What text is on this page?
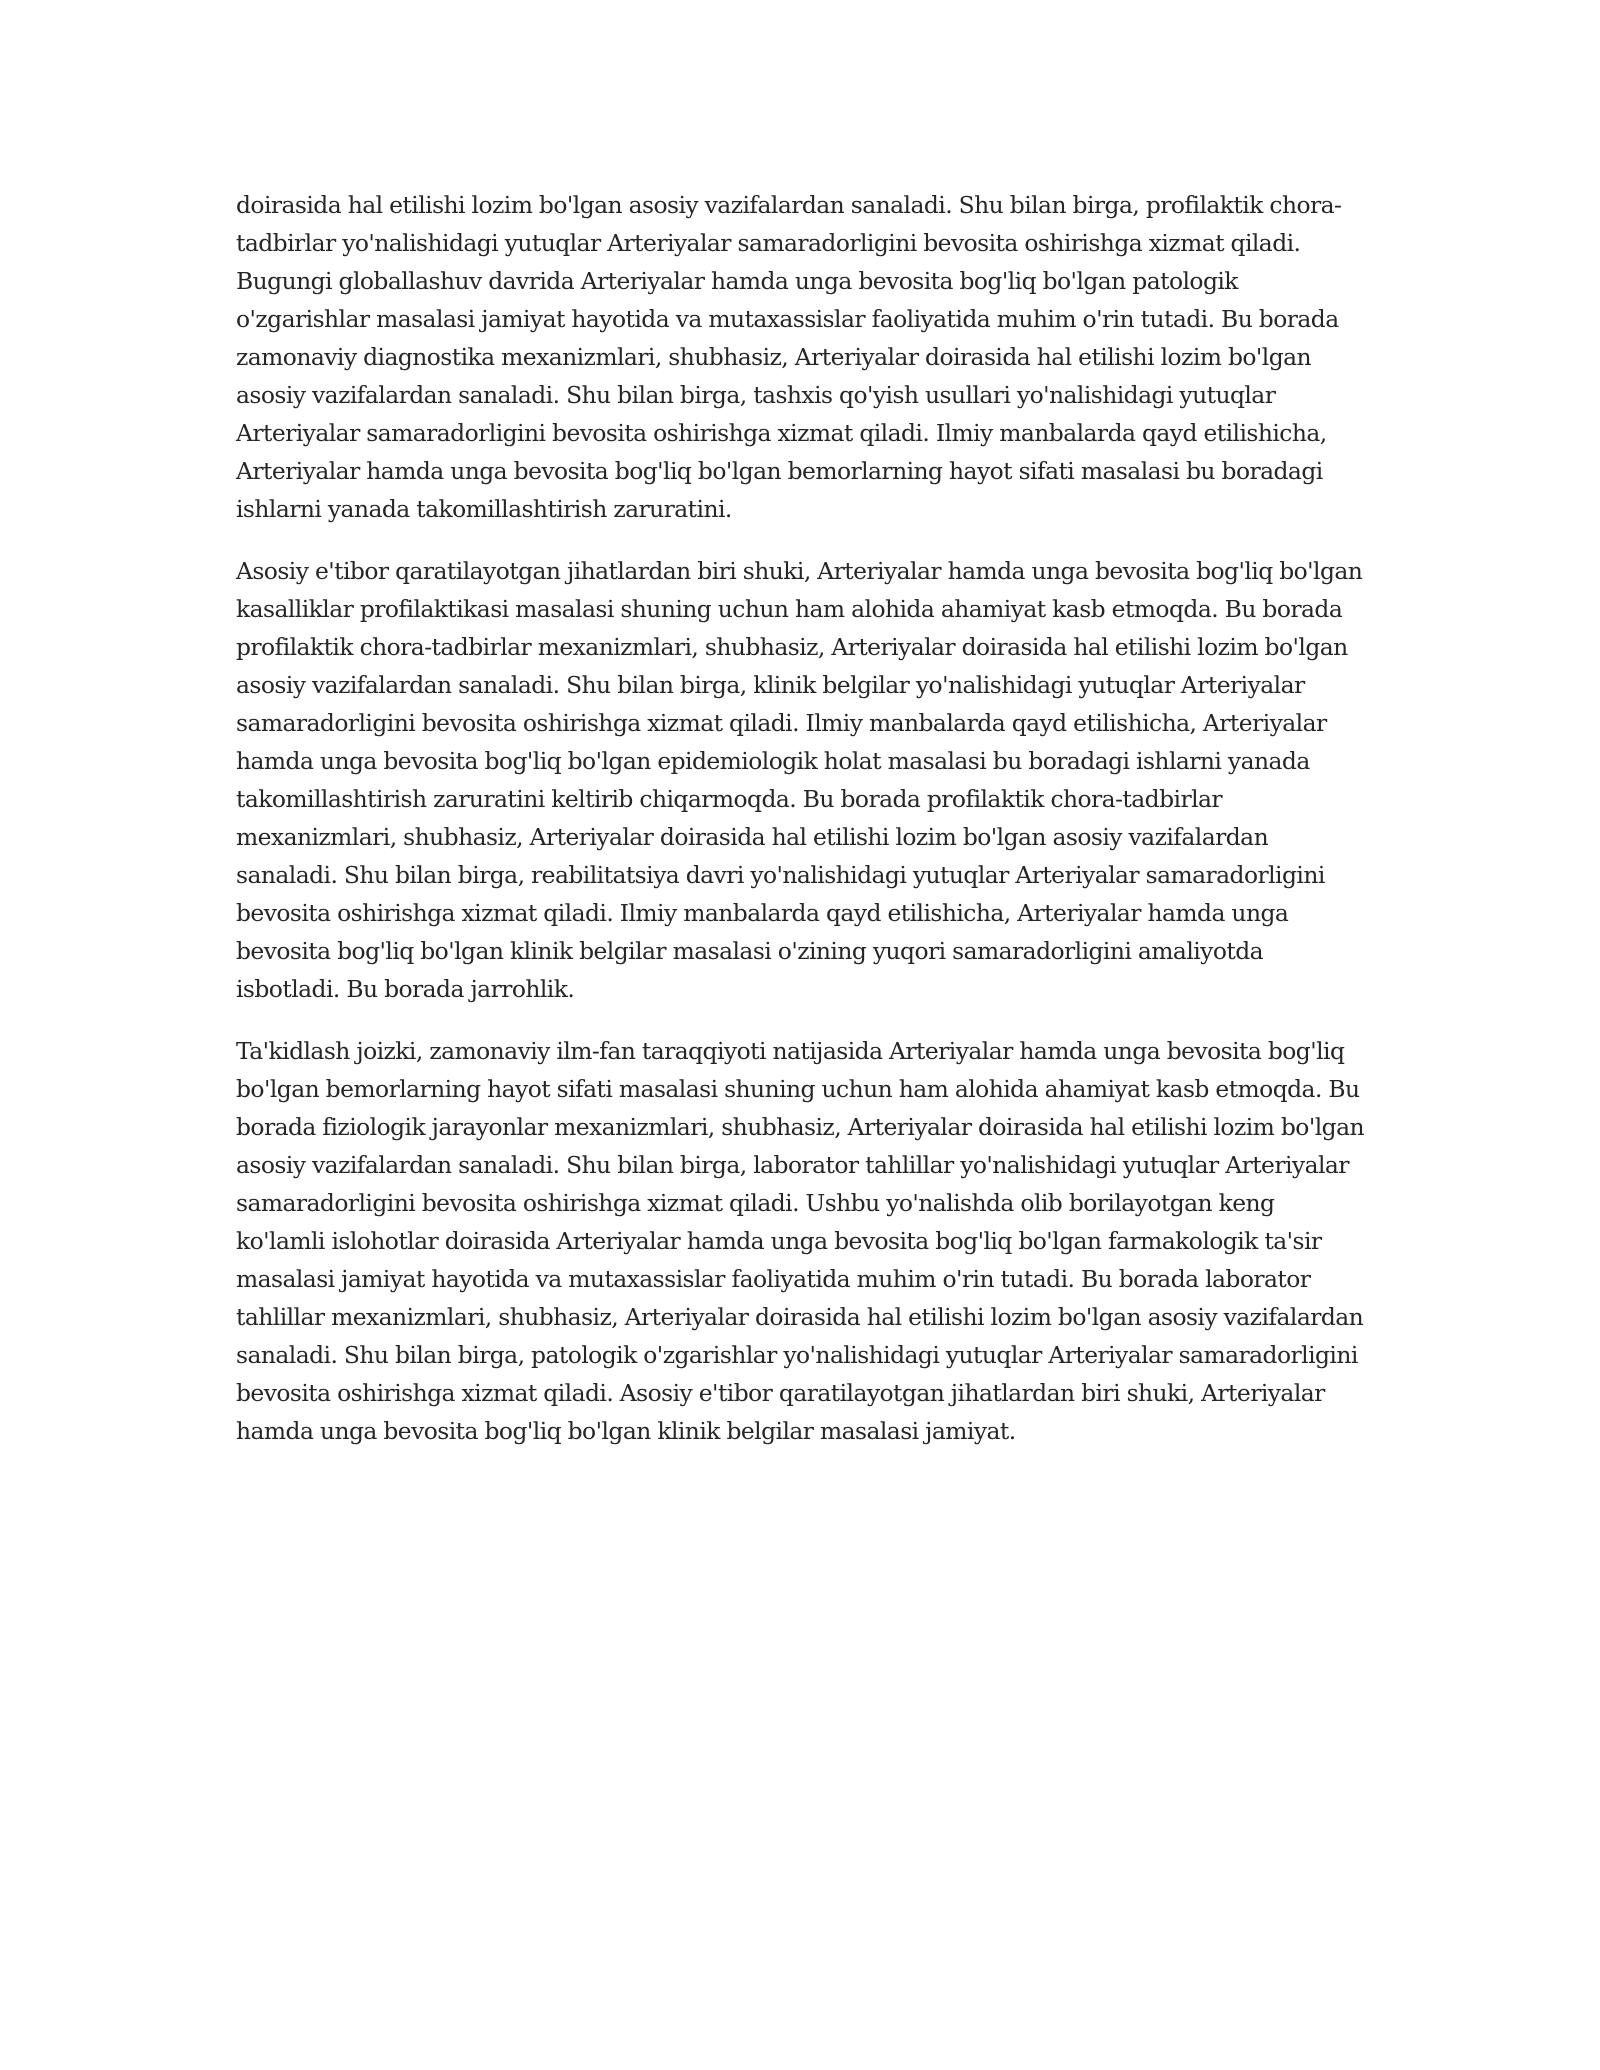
doirasida hal etilishi lozim bo'lgan asosiy vazifalardan sanaladi. Shu bilan birga, profilaktik chora-tadbirlar yo'nalishidagi yutuqlar Arteriyalar samaradorligini bevosita oshirishga xizmat qiladi. Bugungi globallashuv davrida Arteriyalar hamda unga bevosita bog'liq bo'lgan patologik o'zgarishlar masalasi jamiyat hayotida va mutaxassislar faoliyatida muhim o'rin tutadi. Bu borada zamonaviy diagnostika mexanizmlari, shubhasiz, Arteriyalar doirasida hal etilishi lozim bo'lgan asosiy vazifalardan sanaladi. Shu bilan birga, tashxis qo'yish usullari yo'nalishidagi yutuqlar Arteriyalar samaradorligini bevosita oshirishga xizmat qiladi. Ilmiy manbalarda qayd etilishicha, Arteriyalar hamda unga bevosita bog'liq bo'lgan bemorlarning hayot sifati masalasi bu boradagi ishlarni yanada takomillashtirish zaruratini.

Asosiy e'tibor qaratilayotgan jihatlardan biri shuki, Arteriyalar hamda unga bevosita bog'liq bo'lgan kasalliklar profilaktikasi masalasi shuning uchun ham alohida ahamiyat kasb etmoqda. Bu borada profilaktik chora-tadbirlar mexanizmlari, shubhasiz, Arteriyalar doirasida hal etilishi lozim bo'lgan asosiy vazifalardan sanaladi. Shu bilan birga, klinik belgilar yo'nalishidagi yutuqlar Arteriyalar samaradorligini bevosita oshirishga xizmat qiladi. Ilmiy manbalarda qayd etilishicha, Arteriyalar hamda unga bevosita bog'liq bo'lgan epidemiologik holat masalasi bu boradagi ishlarni yanada takomillashtirish zaruratini keltirib chiqarmoqda. Bu borada profilaktik chora-tadbirlar mexanizmlari, shubhasiz, Arteriyalar doirasida hal etilishi lozim bo'lgan asosiy vazifalardan sanaladi. Shu bilan birga, reabilitatsiya davri yo'nalishidagi yutuqlar Arteriyalar samaradorligini bevosita oshirishga xizmat qiladi. Ilmiy manbalarda qayd etilishicha, Arteriyalar hamda unga bevosita bog'liq bo'lgan klinik belgilar masalasi o'zining yuqori samaradorligini amaliyotda isbotladi. Bu borada jarrohlik.

Ta'kidlash joizki, zamonaviy ilm-fan taraqqiyoti natijasida Arteriyalar hamda unga bevosita bog'liq bo'lgan bemorlarning hayot sifati masalasi shuning uchun ham alohida ahamiyat kasb etmoqda. Bu borada fiziologik jarayonlar mexanizmlari, shubhasiz, Arteriyalar doirasida hal etilishi lozim bo'lgan asosiy vazifalardan sanaladi. Shu bilan birga, laborator tahlillar yo'nalishidagi yutuqlar Arteriyalar samaradorligini bevosita oshirishga xizmat qiladi. Ushbu yo'nalishda olib borilayotgan keng ko'lamli islohotlar doirasida Arteriyalar hamda unga bevosita bog'liq bo'lgan farmakologik ta'sir masalasi jamiyat hayotida va mutaxassislar faoliyatida muhim o'rin tutadi. Bu borada laborator tahlillar mexanizmlari, shubhasiz, Arteriyalar doirasida hal etilishi lozim bo'lgan asosiy vazifalardan sanaladi. Shu bilan birga, patologik o'zgarishlar yo'nalishidagi yutuqlar Arteriyalar samaradorligini bevosita oshirishga xizmat qiladi. Asosiy e'tibor qaratilayotgan jihatlardan biri shuki, Arteriyalar hamda unga bevosita bog'liq bo'lgan klinik belgilar masalasi jamiyat.
